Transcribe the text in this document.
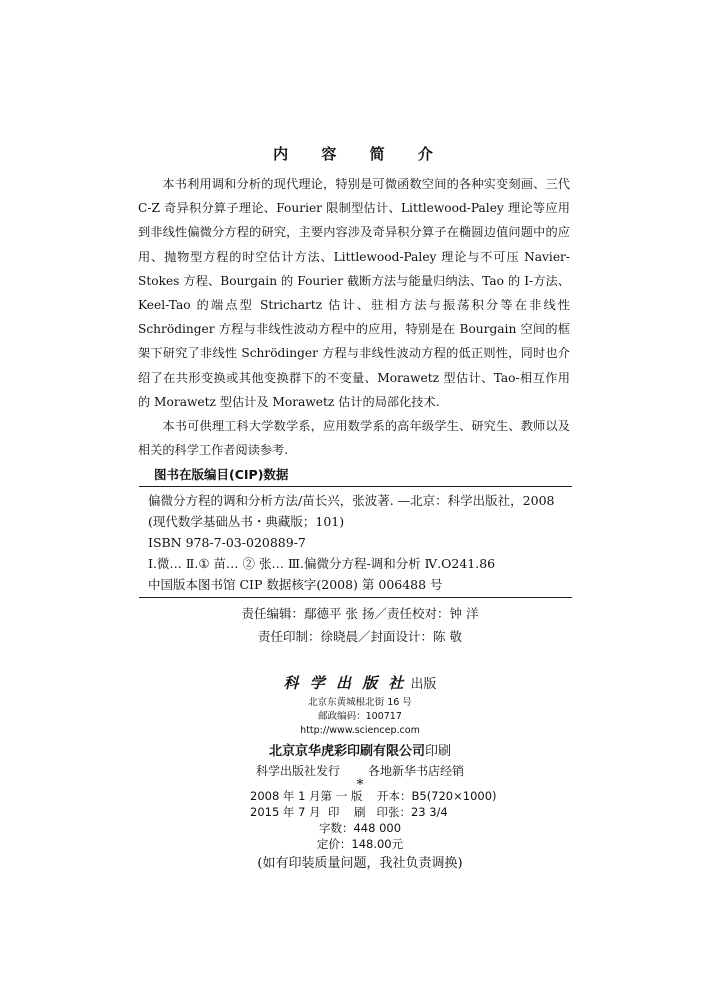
内 容 简 介

本书利用调和分析的现代理论，特别是可微函数空间的各种实变刻画、三代 C-Z 奇异积分算子理论、Fourier 限制型估计、Littlewood-Paley 理论等应用到非线性偏微分方程的研究，主要内容涉及奇异积分算子在椭圆边值问题中的应用、抛物型方程的时空估计方法、Littlewood-Paley 理论与不可压 Navier-Stokes 方程、Bourgain 的 Fourier 截断方法与能量归纳法、Tao 的 I-方法、Keel-Tao 的端点型 Strichartz 估计、驻相方法与振荡积分等在非线性 Schrödinger 方程与非线性波动方程中的应用，特别是在 Bourgain 空间的框架下研究了非线性 Schrödinger 方程与非线性波动方程的低正则性，同时也介绍了在共形变换或其他变换群下的不变量、Morawetz 型估计、Tao-相互作用的 Morawetz 型估计及 Morawetz 估计的局部化技术.

本书可供理工科大学数学系，应用数学系的高年级学生、研究生、教师以及相关的科学工作者阅读参考.

图书在版编目(CIP)数据
偏微分方程的调和分析方法/苗长兴，张波著. —北京：科学出版社，2008
(现代数学基础丛书・典藏版；101)
ISBN 978-7-03-020889-7
Ⅰ.微… Ⅱ.① 苗… ② 张… Ⅲ.偏微分方程-调和分析 Ⅳ.O241.86
中国版本图书馆 CIP 数据核字(2008) 第 006488 号
责任编辑：鄢德平 张 扬／责任校对：钟 洋
责任印制：徐晓晨／封面设计：陈 敬
科 学 出 版 社 出版
北京东黄城根北街 16 号
邮政编码：100717
http://www.sciencep.com
北京京华虎彩印刷有限公司印刷
科学出版社发行 各地新华书店经销
*
2008 年 1 月第 一 版    开本：B5(720×1000)
2015 年 7 月  印    刷   印张：23 3/4
字数：448 000
定价：148.00元
(如有印装质量问题，我社负责调换)
